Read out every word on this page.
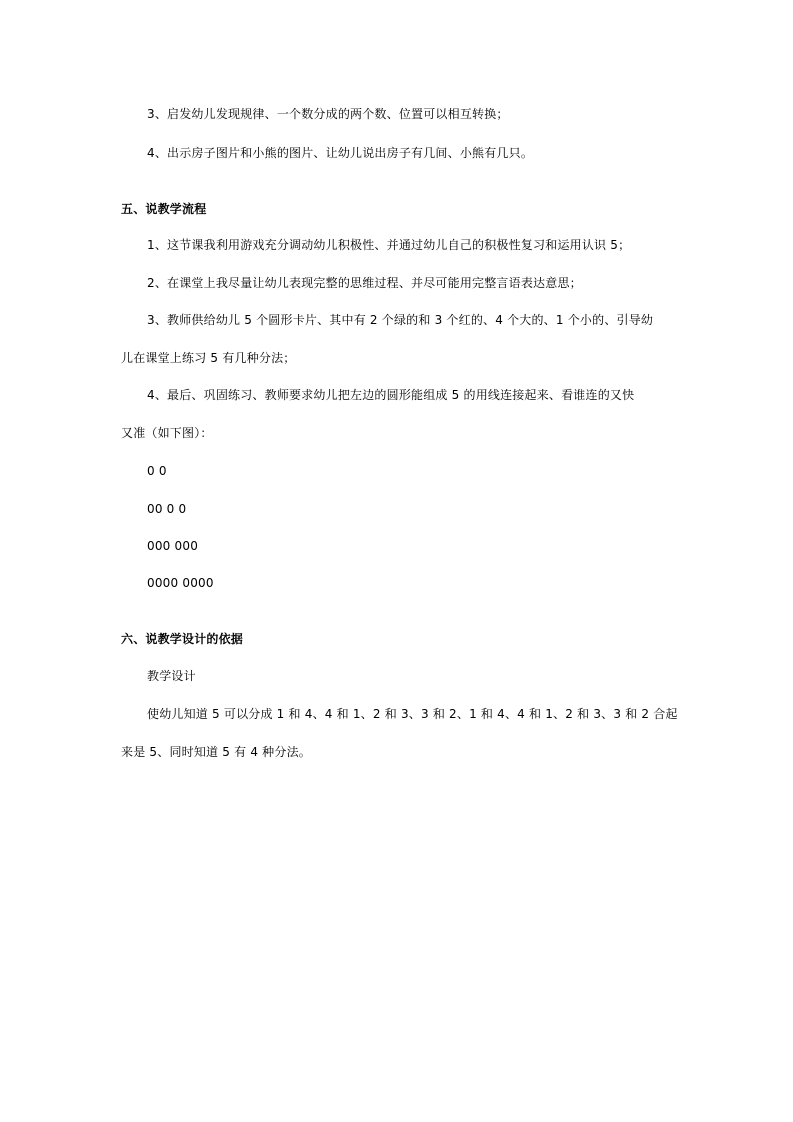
3、启发幼儿发现规律、一个数分成的两个数、位置可以相互转换；
4、出示房子图片和小熊的图片、让幼儿说出房子有几间、小熊有几只。
五、说教学流程
1、这节课我利用游戏充分调动幼儿积极性、并通过幼儿自己的积极性复习和运用认识 5；
2、在课堂上我尽量让幼儿表现完整的思维过程、并尽可能用完整言语表达意思；
3、教师供给幼儿 5 个圆形卡片、其中有 2 个绿的和 3 个红的、4 个大的、1 个小的、引导幼
儿在课堂上练习 5 有几种分法；
4、最后、巩固练习、教师要求幼儿把左边的圆形能组成 5 的用线连接起来、看谁连的又快
又准（如下图）：
0 0
00 0 0
000 000
0000 0000
六、说教学设计的依据
教学设计
使幼儿知道 5 可以分成 1 和 4、4 和 1、2 和 3、3 和 2、1 和 4、4 和 1、2 和 3、3 和 2 合起
来是 5、同时知道 5 有 4 种分法。
